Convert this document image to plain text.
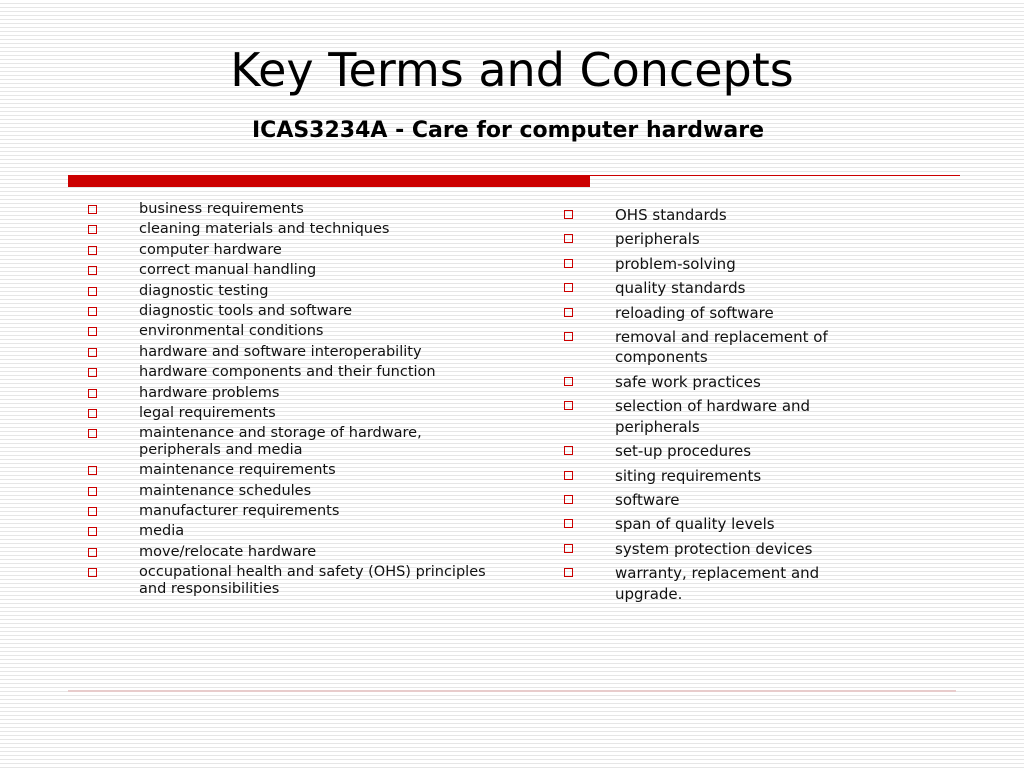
Key Terms and Concepts
ICAS3234A - Care for computer hardware
business requirements
cleaning materials and techniques
computer hardware
correct manual handling
diagnostic testing
diagnostic tools and software
environmental conditions
hardware and software interoperability
hardware components and their function
hardware problems
legal requirements
maintenance and storage of hardware, peripherals and media
maintenance requirements
maintenance schedules
manufacturer requirements
media
move/relocate hardware
occupational health and safety (OHS) principles and responsibilities
OHS standards
peripherals
problem-solving
quality standards
reloading of software
removal and replacement of components
safe work practices
selection of hardware and peripherals
set-up procedures
siting requirements
software
span of quality levels
system protection devices
warranty, replacement and upgrade.
